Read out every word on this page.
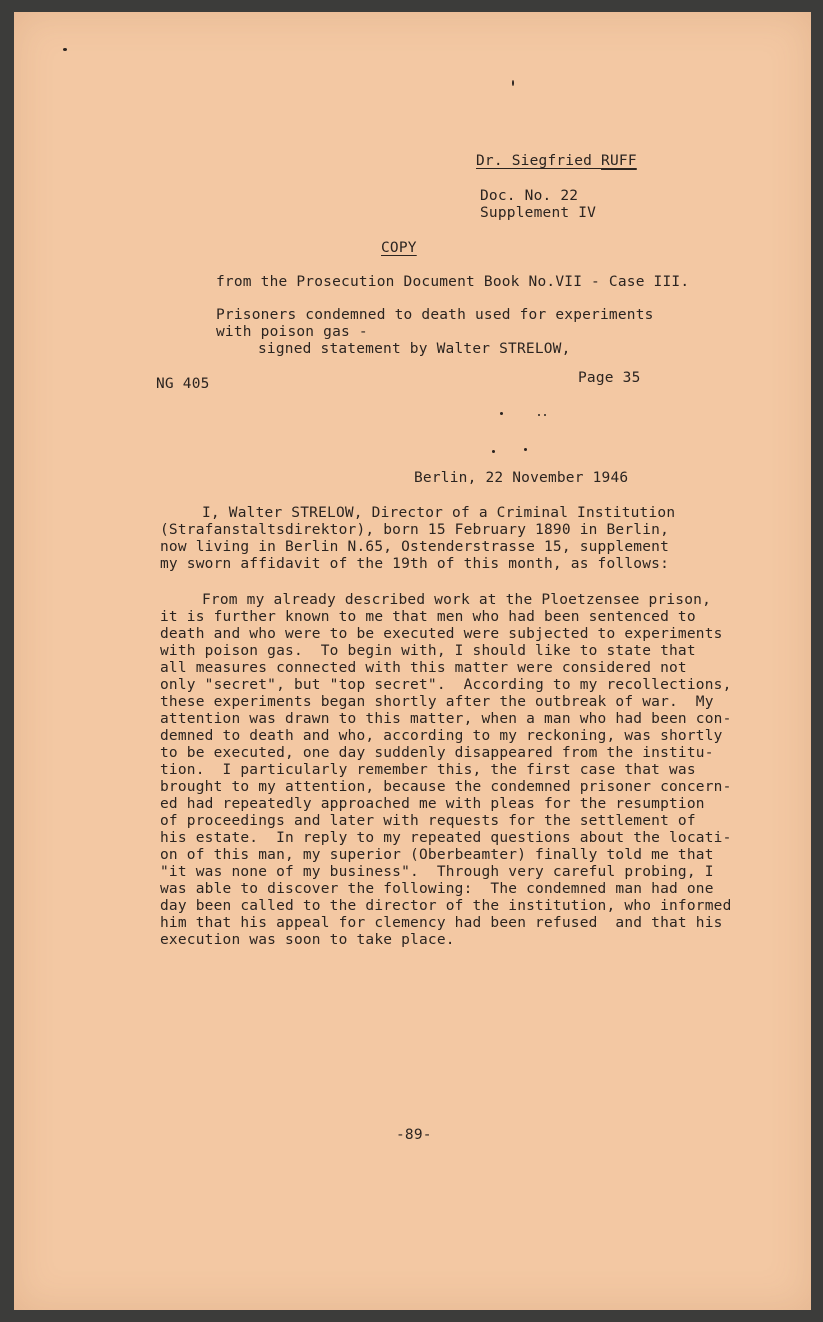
Dr. Siegfried RUFF
Doc. No. 22
Supplement IV
COPY
from the Prosecution Document Book No.VII - Case III.
Prisoners condemned to death used for experiments
with poison gas -
signed statement by Walter STRELOW,
NG 405	Page 35
Berlin, 22 November 1946
I, Walter STRELOW, Director of a Criminal Institution
(Strafanstaltsdirektor), born 15 February 1890 in Berlin,
now living in Berlin N.65, Ostenderstrasse 15, supplement
my sworn affidavit of the 19th of this month, as follows:
From my already described work at the Ploetzensee prison,
it is further known to me that men who had been sentenced to
death and who were to be executed were subjected to experiments
with poison gas.  To begin with, I should like to state that
all measures connected with this matter were considered not
only "secret", but "top secret".  According to my recollections,
these experiments began shortly after the outbreak of war.  My
attention was drawn to this matter, when a man who had been con-
demned to death and who, according to my reckoning, was shortly
to be executed, one day suddenly disappeared from the institu-
tion.  I particularly remember this, the first case that was
brought to my attention, because the condemned prisoner concern-
ed had repeatedly approached me with pleas for the resumption
of proceedings and later with requests for the settlement of
his estate.  In reply to my repeated questions about the locati-
on of this man, my superior (Oberbeamter) finally told me that
"it was none of my business".  Through very careful probing, I
was able to discover the following:  The condemned man had one
day been called to the director of the institution, who informed
him that his appeal for clemency had been refused  and that his
execution was soon to take place.
-89-
